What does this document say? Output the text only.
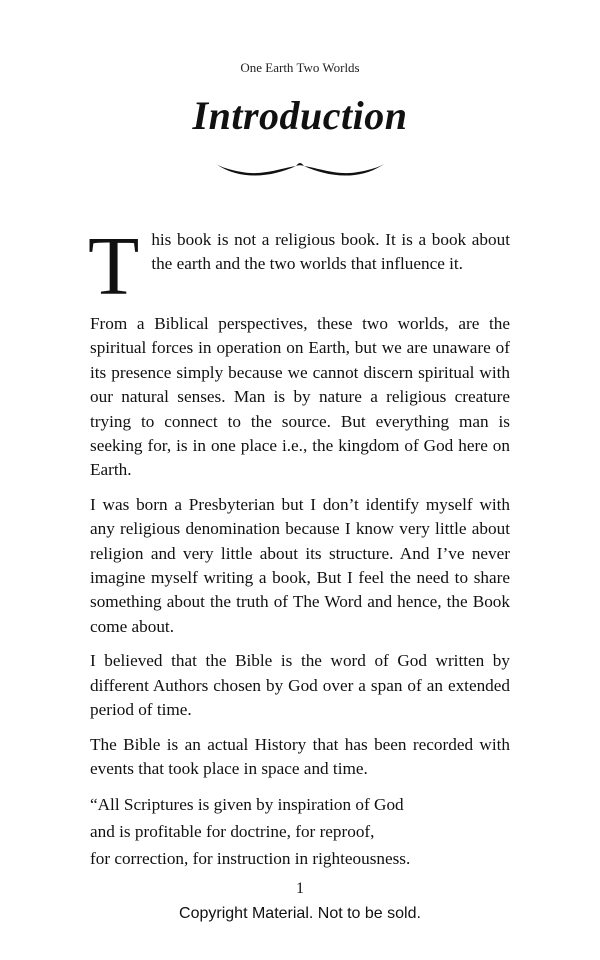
One Earth Two Worlds
Introduction

T his book is not a religious book. It is a book about the earth and the two worlds that influence it.

From a Biblical perspectives, these two worlds, are the spiritual forces in operation on Earth, but we are unaware of its presence simply because we cannot discern spiritual with our natural senses. Man is by nature a religious creature trying to connect to the source. But everything man is seeking for, is in one place i.e., the kingdom of God here on Earth.

I was born a Presbyterian but I don’t identify myself with any religious denomination because I know very little about religion and very little about its structure. And I’ve never imagine myself writing a book, But I feel the need to share something about the truth of The Word and hence, the Book come about.

I believed that the Bible is the word of God written by different Authors chosen by God over a span of an extended period of time.

The Bible is an actual History that has been recorded with events that took place in space and time.

“All Scriptures is given by inspiration of God

and is profitable for doctrine, for reproof,

for correction, for instruction in righteousness.

1
Copyright Material. Not to be sold.
